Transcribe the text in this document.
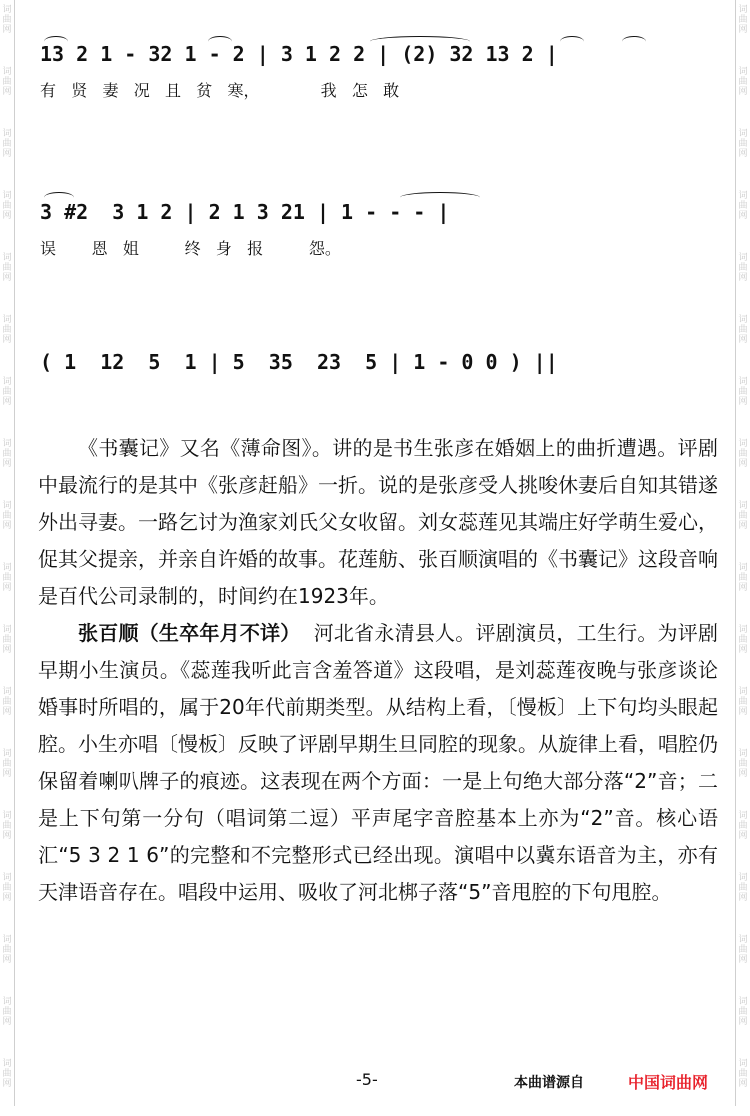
词
曲
网
词
曲
网
词
曲
网
词
曲
网
词
曲
网
词
曲
网
词
曲
网
词
曲
网
词
曲
网
词
曲
网
词
曲
网
词
曲
网
词
曲
网
词
曲
网
词
曲
网
词
曲
网
词
曲
网
词
曲
网
词
曲
网
词
曲
网
词
曲
网
词
曲
网
词
曲
网
词
曲
网
词
曲
网
词
曲
网
词
曲
网
词
曲
网
词
曲
网
词
曲
网
词
曲
网
词
曲
网
词
曲
网
词
曲
网
词
曲
网
词
曲
网
13 2 1 - 32 1 - 2 | 3 1 2 2 | (2) 32 13 2 |
有   贤   妻   况   且   贫   寒，            我   怎   敢
3 #2  3 1 2 | 2 1 3 21 | 1 - - - |
误       恩   姐         终   身   报         怨。
( 1  12  5  1 | 5  35  23  5 | 1 - 0 0 ) ||

《书囊记》又名《薄命图》。讲的是书生张彦在婚姻上的曲折遭遇。评剧中最流行的是其中《张彦赶船》一折。说的是张彦受人挑唆休妻后自知其错遂外出寻妻。一路乞讨为渔家刘氏父女收留。刘女蕊莲见其端庄好学萌生爱心，促其父提亲，并亲自许婚的故事。花莲舫、张百顺演唱的《书囊记》这段音响是百代公司录制的，时间约在1923年。

张百顺（生卒年月不详） 河北省永清县人。评剧演员，工生行。为评剧早期小生演员。《蕊莲我听此言含羞答道》这段唱，是刘蕊莲夜晚与张彦谈论婚事时所唱的，属于20年代前期类型。从结构上看，〔慢板〕上下句均头眼起腔。小生亦唱〔慢板〕反映了评剧早期生旦同腔的现象。从旋律上看，唱腔仍保留着喇叭牌子的痕迹。这表现在两个方面：一是上句绝大部分落“2”音；二是上下句第一分句（唱词第二逗）平声尾字音腔基本上亦为“2”音。核心语汇“5 3 2 1 6”的完整和不完整形式已经出现。演唱中以冀东语音为主，亦有天津语音存在。唱段中运用、吸收了河北梆子落“5”音甩腔的下句甩腔。

-5-	本曲谱源自	中国词曲网
